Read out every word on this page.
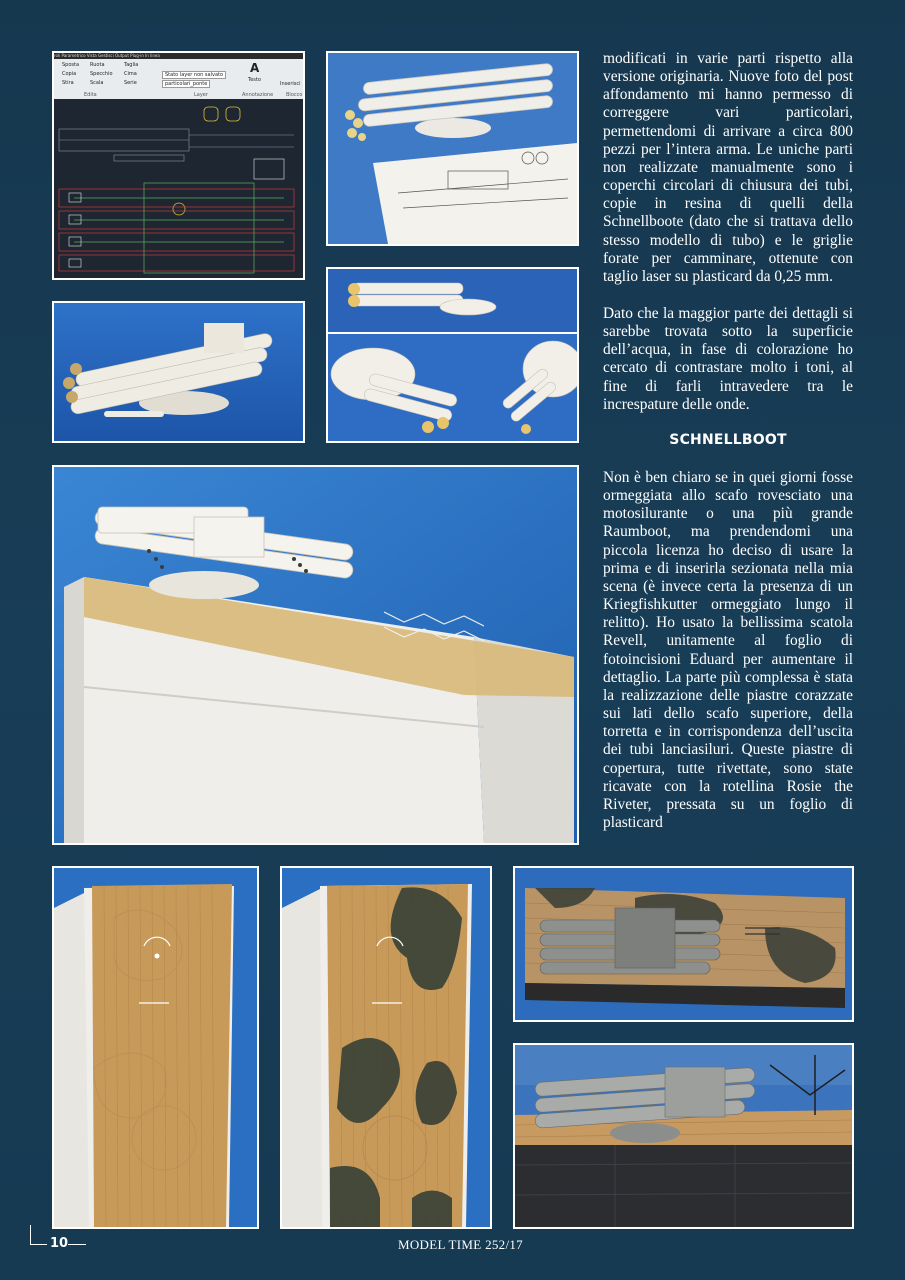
roli Parametrico Vista Gestisci Output Plug-in In linea
Sposta Ruota	Taglia
Copia	Specchio Cima
Stira	Scala	Serie
Stato layer non salvato
particolari_ponte
A
Testo
Inserisci
Edita	Layer	Annotazione	Blocco

modificati in varie parti rispetto alla versione originaria. Nuove foto del post affondamento mi hanno permesso di correggere vari particolari, permettendomi di arrivare a circa 800 pezzi per l’intera arma. Le uniche parti non realizzate manualmente sono i coperchi circolari di chiusura dei tubi, copie in resina di quelli della Schnellboote (dato che si trattava dello stesso modello di tubo) e le griglie forate per camminare, ottenute con taglio laser su plasticard da 0,25 mm.

Dato che la maggior parte dei dettagli si sarebbe trovata sotto la superficie dell’acqua, in fase di colorazione ho cercato di contrastare molto i toni, al fine di farli intravedere tra le increspature delle onde.

SCHNELLBOOT

Non è ben chiaro se in quei giorni fosse ormeggiata allo scafo rovesciato una motosilurante o una più grande Raumboot, ma prendendomi una piccola licenza ho deciso di usare la prima e di inserirla sezionata nella mia scena (è invece certa la presenza di un Kriegfishkutter ormeggiato lungo il relitto). Ho usato la bellissima scatola Revell, unitamente al foglio di fotoincisioni Eduard per aumentare il dettaglio. La parte più complessa è stata la realizzazione delle piastre corazzate sui lati dello scafo superiore, della torretta e in corrispondenza dell’uscita dei tubi lanciasiluri. Queste piastre di copertura, tutte rivettate, sono state ricavate con la rotellina Rosie the Riveter, pressata su un foglio di plasticard

10	MODEL TIME 252/17
